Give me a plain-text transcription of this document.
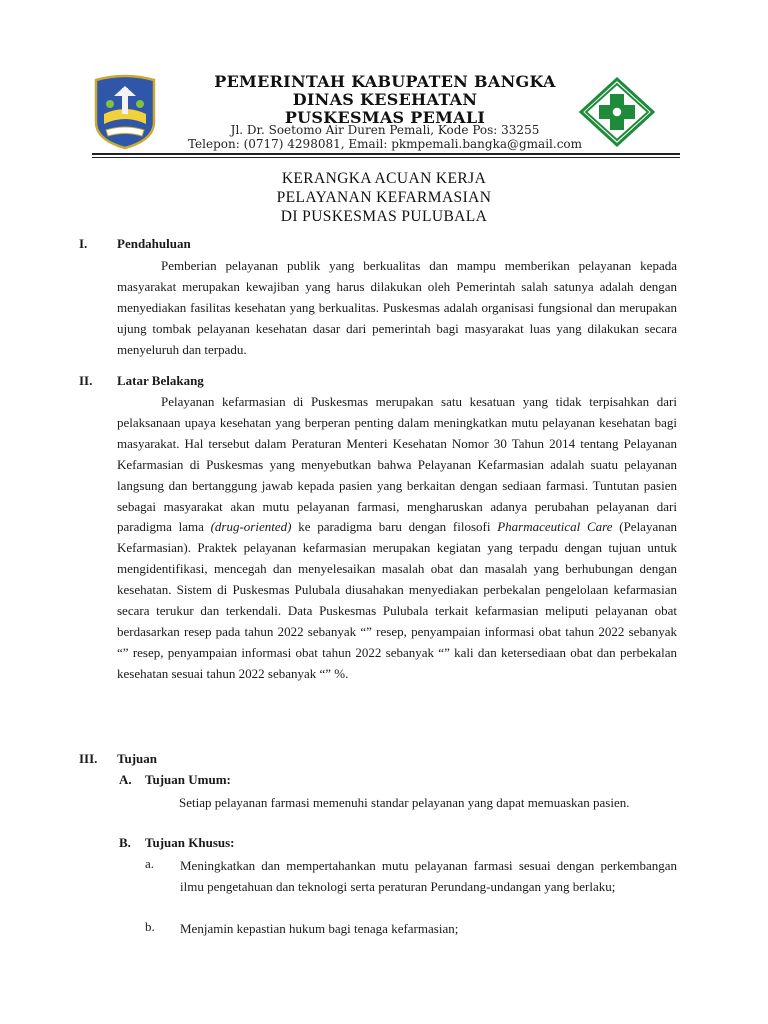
PEMERINTAH KABUPATEN BANGKA
DINAS KESEHATAN
PUSKESMAS PEMALI
Jl. Dr. Soetomo Air Duren Pemali, Kode Pos: 33255
Telepon: (0717) 4298081, Email: pkmpemali.bangka@gmail.com
KERANGKA ACUAN KERJA
PELAYANAN KEFARMASIAN
DI PUSKESMAS PULUBALA
I. Pendahuluan
Pemberian pelayanan publik yang berkualitas dan mampu memberikan pelayanan kepada masyarakat merupakan kewajiban yang harus dilakukan oleh Pemerintah salah satunya adalah dengan menyediakan fasilitas kesehatan yang berkualitas. Puskesmas adalah organisasi fungsional dan merupakan ujung tombak pelayanan kesehatan dasar dari pemerintah bagi masyarakat luas yang dilakukan secara menyeluruh dan terpadu.
II. Latar Belakang
Pelayanan kefarmasian di Puskesmas merupakan satu kesatuan yang tidak terpisahkan dari pelaksanaan upaya kesehatan yang berperan penting dalam meningkatkan mutu pelayanan kesehatan bagi masyarakat. Hal tersebut dalam Peraturan Menteri Kesehatan Nomor 30 Tahun 2014 tentang Pelayanan Kefarmasian di Puskesmas yang menyebutkan bahwa Pelayanan Kefarmasian adalah suatu pelayanan langsung dan bertanggung jawab kepada pasien yang berkaitan dengan sediaan farmasi. Tuntutan pasien sebagai masyarakat akan mutu pelayanan farmasi, mengharuskan adanya perubahan pelayanan dari paradigma lama (drug-oriented) ke paradigma baru dengan filosofi Pharmaceutical Care (Pelayanan Kefarmasian). Praktek pelayanan kefarmasian merupakan kegiatan yang terpadu dengan tujuan untuk mengidentifikasi, mencegah dan menyelesaikan masalah obat dan masalah yang berhubungan dengan kesehatan. Sistem di Puskesmas Pulubala diusahakan menyediakan perbekalan pengelolaan kefarmasian secara terukur dan terkendali. Data Puskesmas Pulubala terkait kefarmasian meliputi pelayanan obat berdasarkan resep pada tahun 2022 sebanyak “” resep, penyampaian informasi obat tahun 2022 sebanyak “” resep, penyampaian informasi obat tahun 2022 sebanyak “” kali dan ketersediaan obat dan perbekalan kesehatan sesuai tahun 2022 sebanyak “” %.
III. Tujuan
A. Tujuan Umum:
Setiap pelayanan farmasi memenuhi standar pelayanan yang dapat memuaskan pasien.
B. Tujuan Khusus:
a. Meningkatkan dan mempertahankan mutu pelayanan farmasi sesuai dengan perkembangan ilmu pengetahuan dan teknologi serta peraturan Perundang-undangan yang berlaku;
b. Menjamin kepastian hukum bagi tenaga kefarmasian;
